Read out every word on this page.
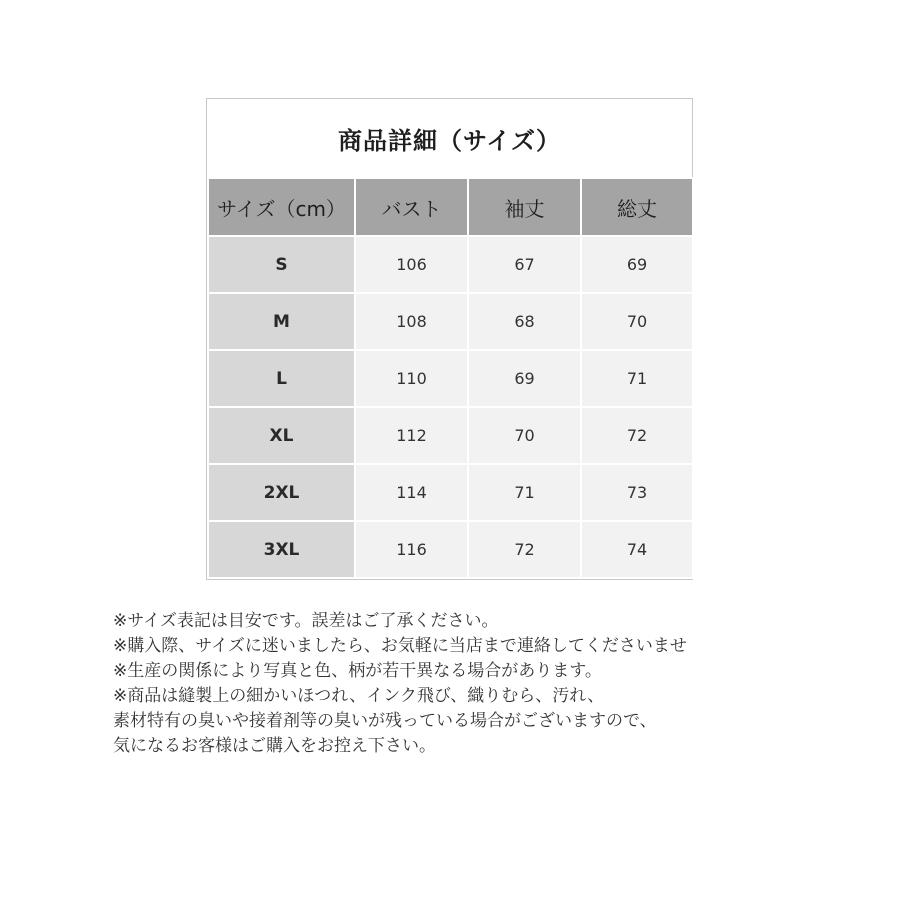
商品詳細（サイズ）
サイズ（cm）	バスト	袖丈	総丈
S	106	67	69
M	108	68	70
L	110	69	71
XL	112	70	72
2XL	114	71	73
3XL	116	72	74
※サイズ表記は目安です。誤差はご了承ください。
※購入際、サイズに迷いましたら、お気軽に当店まで連絡してくださいませ
※生産の関係により写真と色、柄が若干異なる場合があります。
※商品は縫製上の細かいほつれ、インク飛び、織りむら、汚れ、
素材特有の臭いや接着剤等の臭いが残っている場合がございますので、
気になるお客様はご購入をお控え下さい。
